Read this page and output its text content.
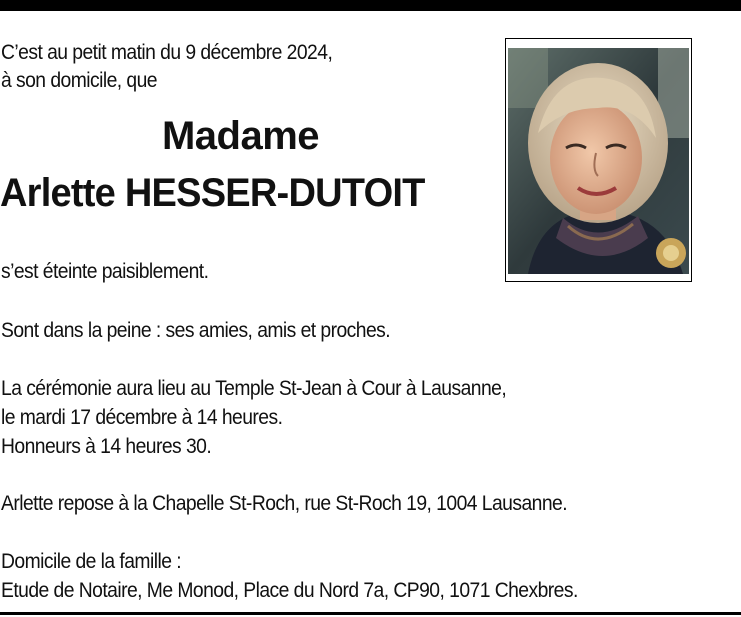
C’est au petit matin du 9 décembre 2024,
à son domicile, que
Madame
Arlette HESSER-DUTOIT
s’est éteinte paisiblement.
Sont dans la peine : ses amies, amis et proches.
La cérémonie aura lieu au Temple St-Jean à Cour à Lausanne,
le mardi 17 décembre à 14 heures.
Honneurs à 14 heures 30.
Arlette repose à la Chapelle St-Roch, rue St-Roch 19, 1004 Lausanne.
Domicile de la famille :
Etude de Notaire, Me Monod, Place du Nord 7a, CP90, 1071 Chexbres.
